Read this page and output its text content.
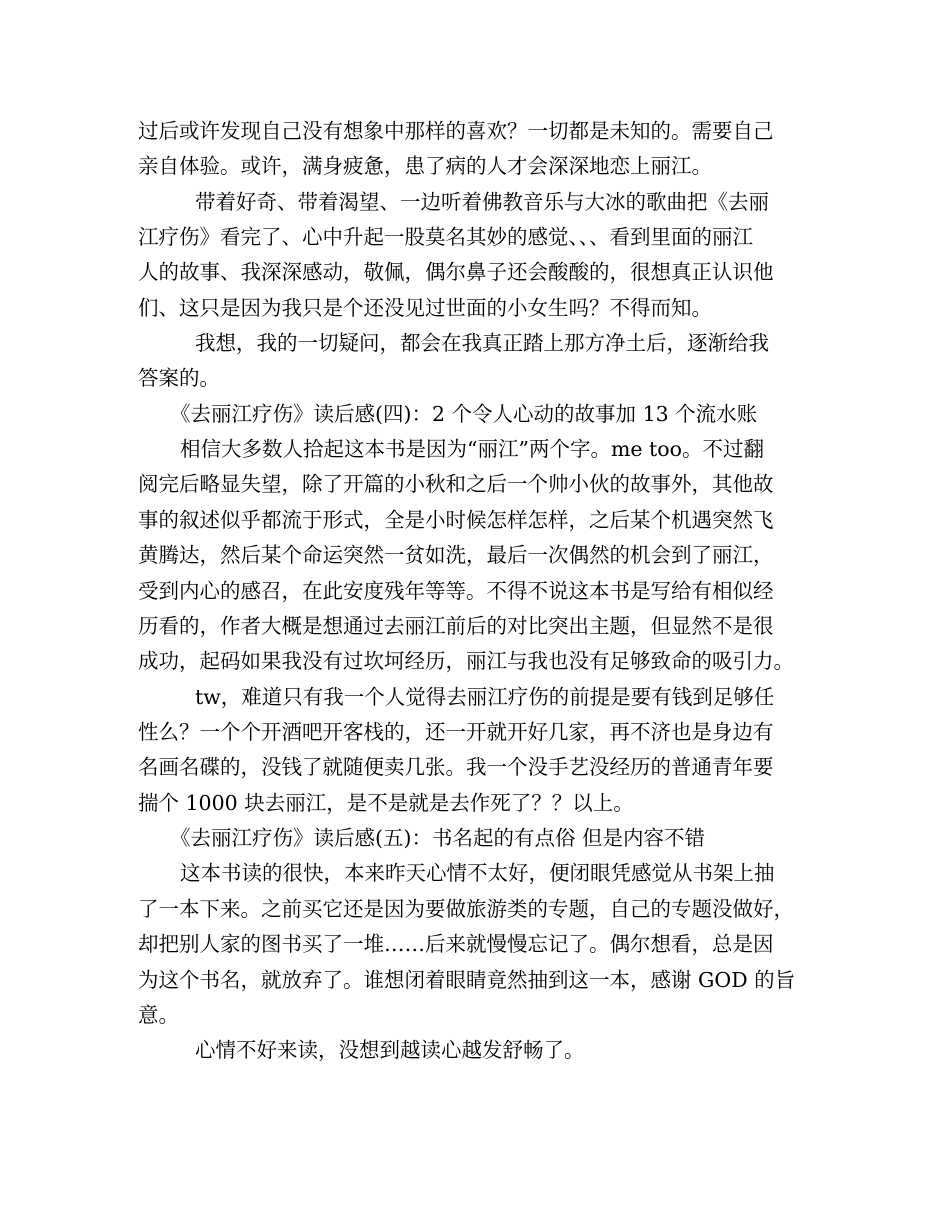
过后或许发现自己没有想象中那样的喜欢？一切都是未知的。需要自己
亲自体验。或许，满身疲惫，患了病的人才会深深地恋上丽江。
带着好奇、带着渴望、一边听着佛教音乐与大冰的歌曲把《去丽
江疗伤》看完了、心中升起一股莫名其妙的感觉、、、看到里面的丽江
人的故事、我深深感动，敬佩，偶尔鼻子还会酸酸的，很想真正认识他
们、这只是因为我只是个还没见过世面的小女生吗？不得而知。
我想，我的一切疑问，都会在我真正踏上那方净土后，逐渐给我
答案的。
《去丽江疗伤》读后感(四)：2 个令人心动的故事加 13 个流水账
相信大多数人拾起这本书是因为“丽江”两个字。me too。不过翻
阅完后略显失望，除了开篇的小秋和之后一个帅小伙的故事外，其他故
事的叙述似乎都流于形式，全是小时候怎样怎样，之后某个机遇突然飞
黄腾达，然后某个命运突然一贫如洗，最后一次偶然的机会到了丽江，
受到内心的感召，在此安度残年等等。不得不说这本书是写给有相似经
历看的，作者大概是想通过去丽江前后的对比突出主题，但显然不是很
成功，起码如果我没有过坎坷经历，丽江与我也没有足够致命的吸引力。
tw，难道只有我一个人觉得去丽江疗伤的前提是要有钱到足够任
性么？一个个开酒吧开客栈的，还一开就开好几家，再不济也是身边有
名画名碟的，没钱了就随便卖几张。我一个没手艺没经历的普通青年要
揣个 1000 块去丽江，是不是就是去作死了？？以上。
《去丽江疗伤》读后感(五)：书名起的有点俗 但是内容不错
这本书读的很快，本来昨天心情不太好，便闭眼凭感觉从书架上抽
了一本下来。之前买它还是因为要做旅游类的专题，自己的专题没做好，
却把别人家的图书买了一堆……后来就慢慢忘记了。偶尔想看，总是因
为这个书名，就放弃了。谁想闭着眼睛竟然抽到这一本，感谢 GOD 的旨
意。
心情不好来读，没想到越读心越发舒畅了。
